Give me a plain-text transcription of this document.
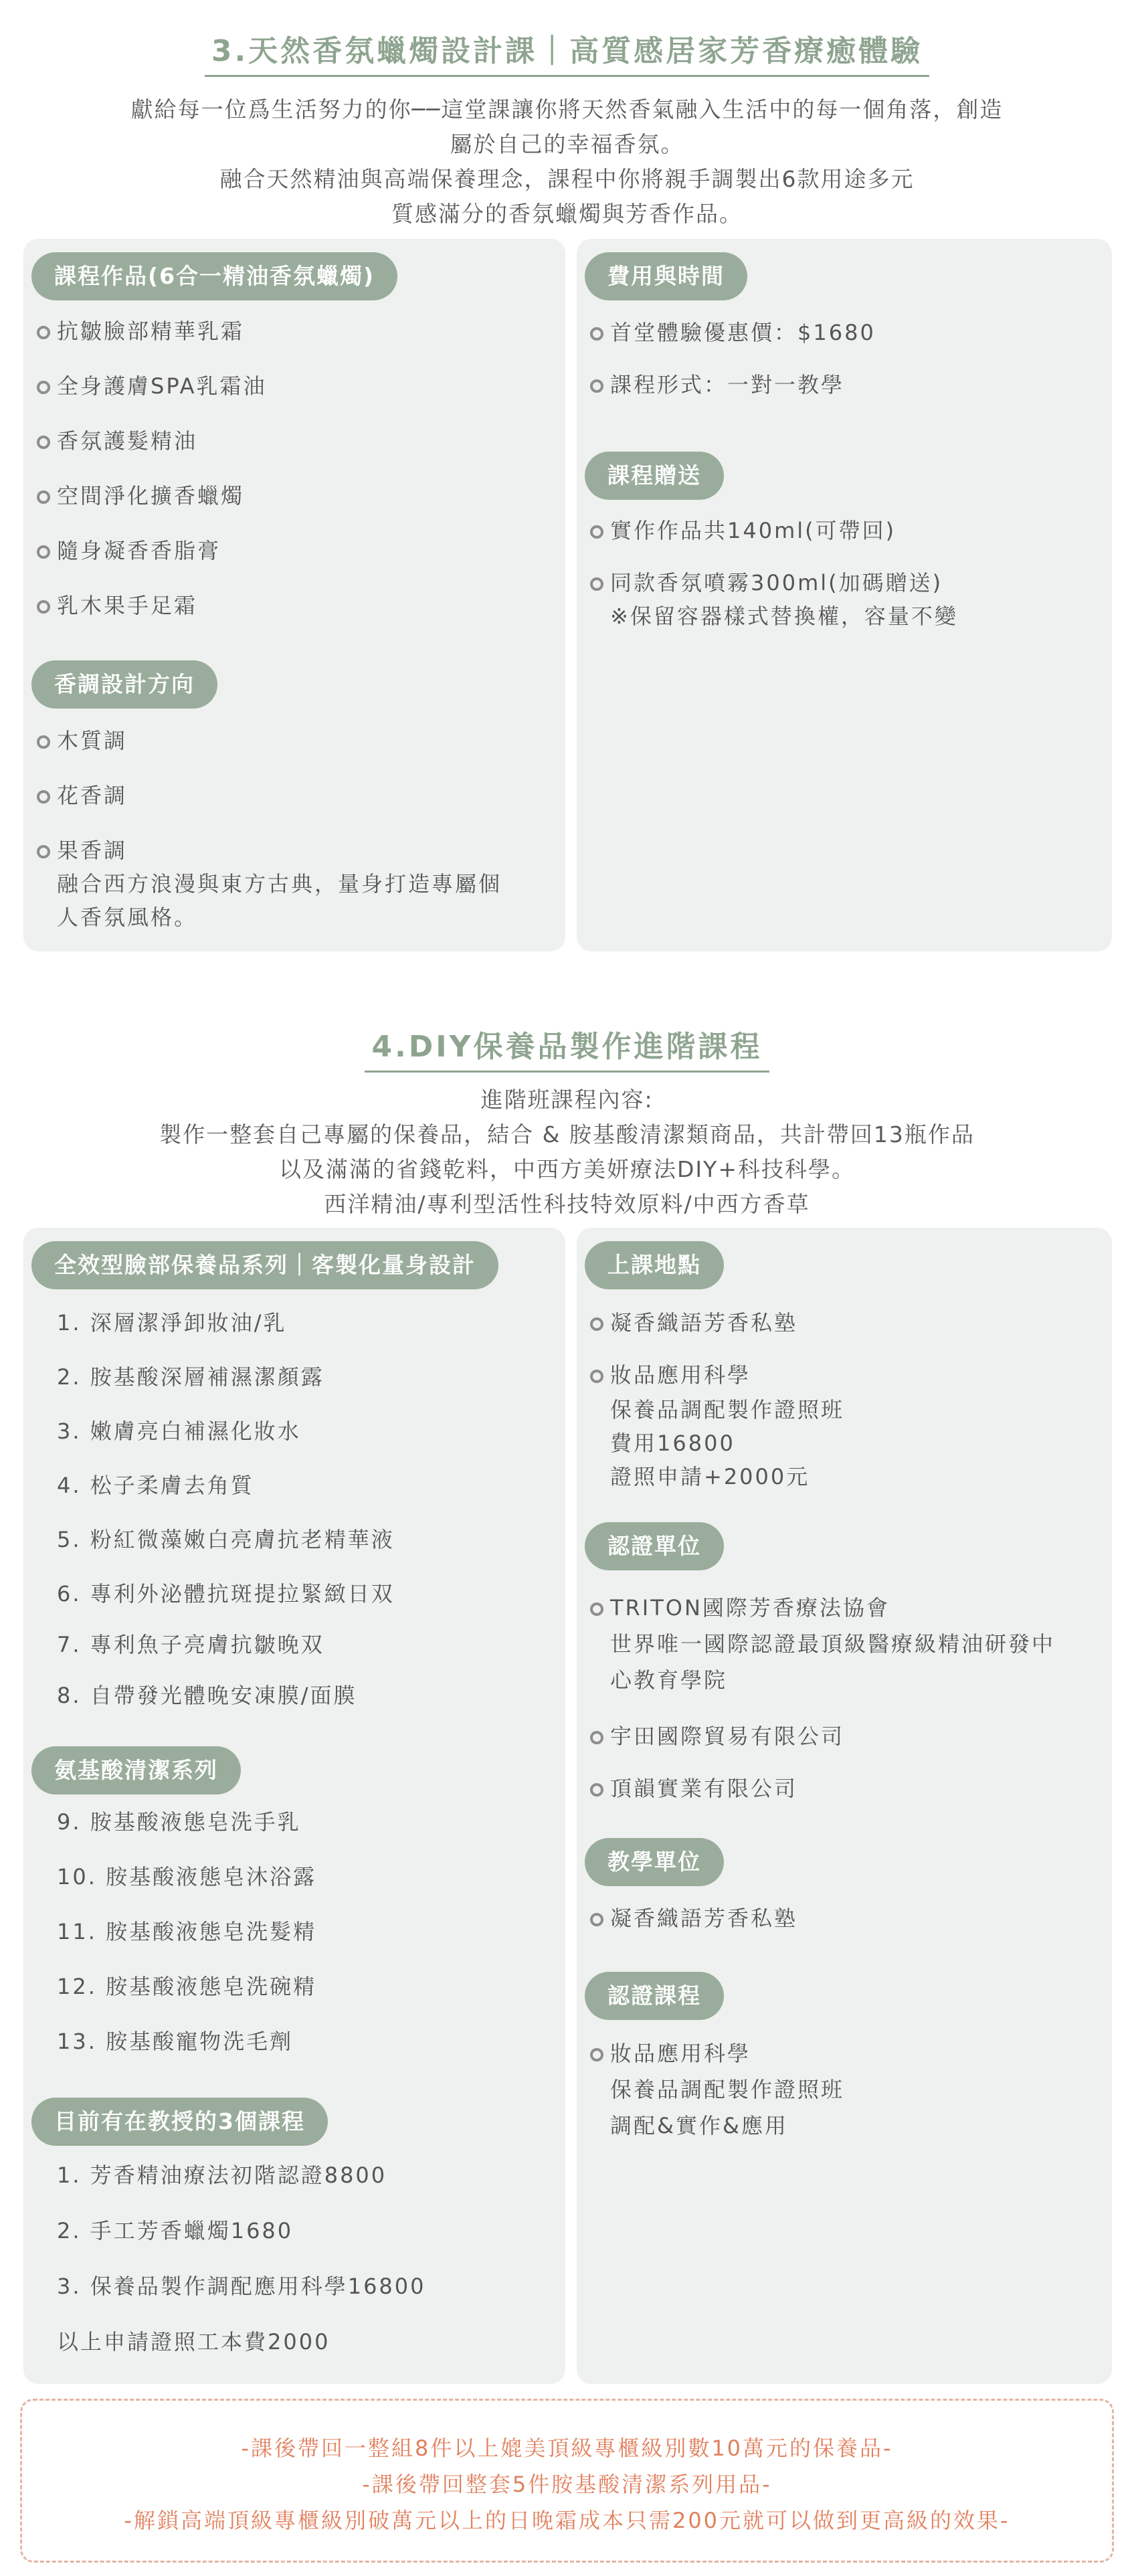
3.天然香氛蠟燭設計課｜高質感居家芳香療癒體驗

獻給每一位爲生活努力的你──這堂課讓你將天然香氣融入生活中的每一個角落，創造

屬於自己的幸福香氛。

融合天然精油與高端保養理念，課程中你將親手調製出6款用途多元

質感滿分的香氛蠟燭與芳香作品。

課程作品(6合一精油香氛蠟燭)
抗皺臉部精華乳霜
全身護膚SPA乳霜油
香氛護髮精油
空間淨化擴香蠟燭
隨身凝香香脂膏
乳木果手足霜
香調設計方向
木質調
花香調
果香調
融合西方浪漫與東方古典，量身打造專屬個
人香氛風格。
費用與時間
首堂體驗優惠價：$1680
課程形式：一對一教學
課程贈送
實作作品共140ml(可帶回)
同款香氛噴霧300ml(加碼贈送)
※保留容器樣式替換權，容量不變
4.DIY保養品製作進階課程

進階班課程內容:

製作一整套自己專屬的保養品，結合 & 胺基酸清潔類商品，共計帶回13瓶作品

以及滿滿的省錢乾料，中西方美妍療法DIY+科技科學。

西洋精油/專利型活性科技特效原料/中西方香草

全效型臉部保養品系列｜客製化量身設計
1. 深層潔淨卸妝油/乳
2. 胺基酸深層補濕潔顏露
3. 嫩膚亮白補濕化妝水
4. 松子柔膚去角質
5. 粉紅微藻嫩白亮膚抗老精華液
6. 專利外泌體抗斑提拉緊緻日双
7. 專利魚子亮膚抗皺晚双
8. 自帶發光體晚安凍膜/面膜
氨基酸清潔系列
9. 胺基酸液態皂洗手乳
10. 胺基酸液態皂沐浴露
11. 胺基酸液態皂洗髮精
12. 胺基酸液態皂洗碗精
13. 胺基酸寵物洗毛劑
目前有在教授的3個課程
1. 芳香精油療法初階認證8800
2. 手工芳香蠟燭1680
3. 保養品製作調配應用科學16800
以上申請證照工本費2000
上課地點
凝香織語芳香私塾
妝品應用科學
保養品調配製作證照班
費用16800
證照申請+2000元
認證單位
TRITON國際芳香療法協會
世界唯一國際認證最頂級醫療級精油研發中
心教育學院
宇田國際貿易有限公司
頂韻實業有限公司
教學單位
凝香織語芳香私塾
認證課程
妝品應用科學
保養品調配製作證照班
調配&實作&應用
-課後帶回一整組8件以上媲美頂級專櫃級別數10萬元的保養品-
-課後帶回整套5件胺基酸清潔系列用品-
-解鎖高端頂級專櫃級別破萬元以上的日晚霜成本只需200元就可以做到更高級的效果-
